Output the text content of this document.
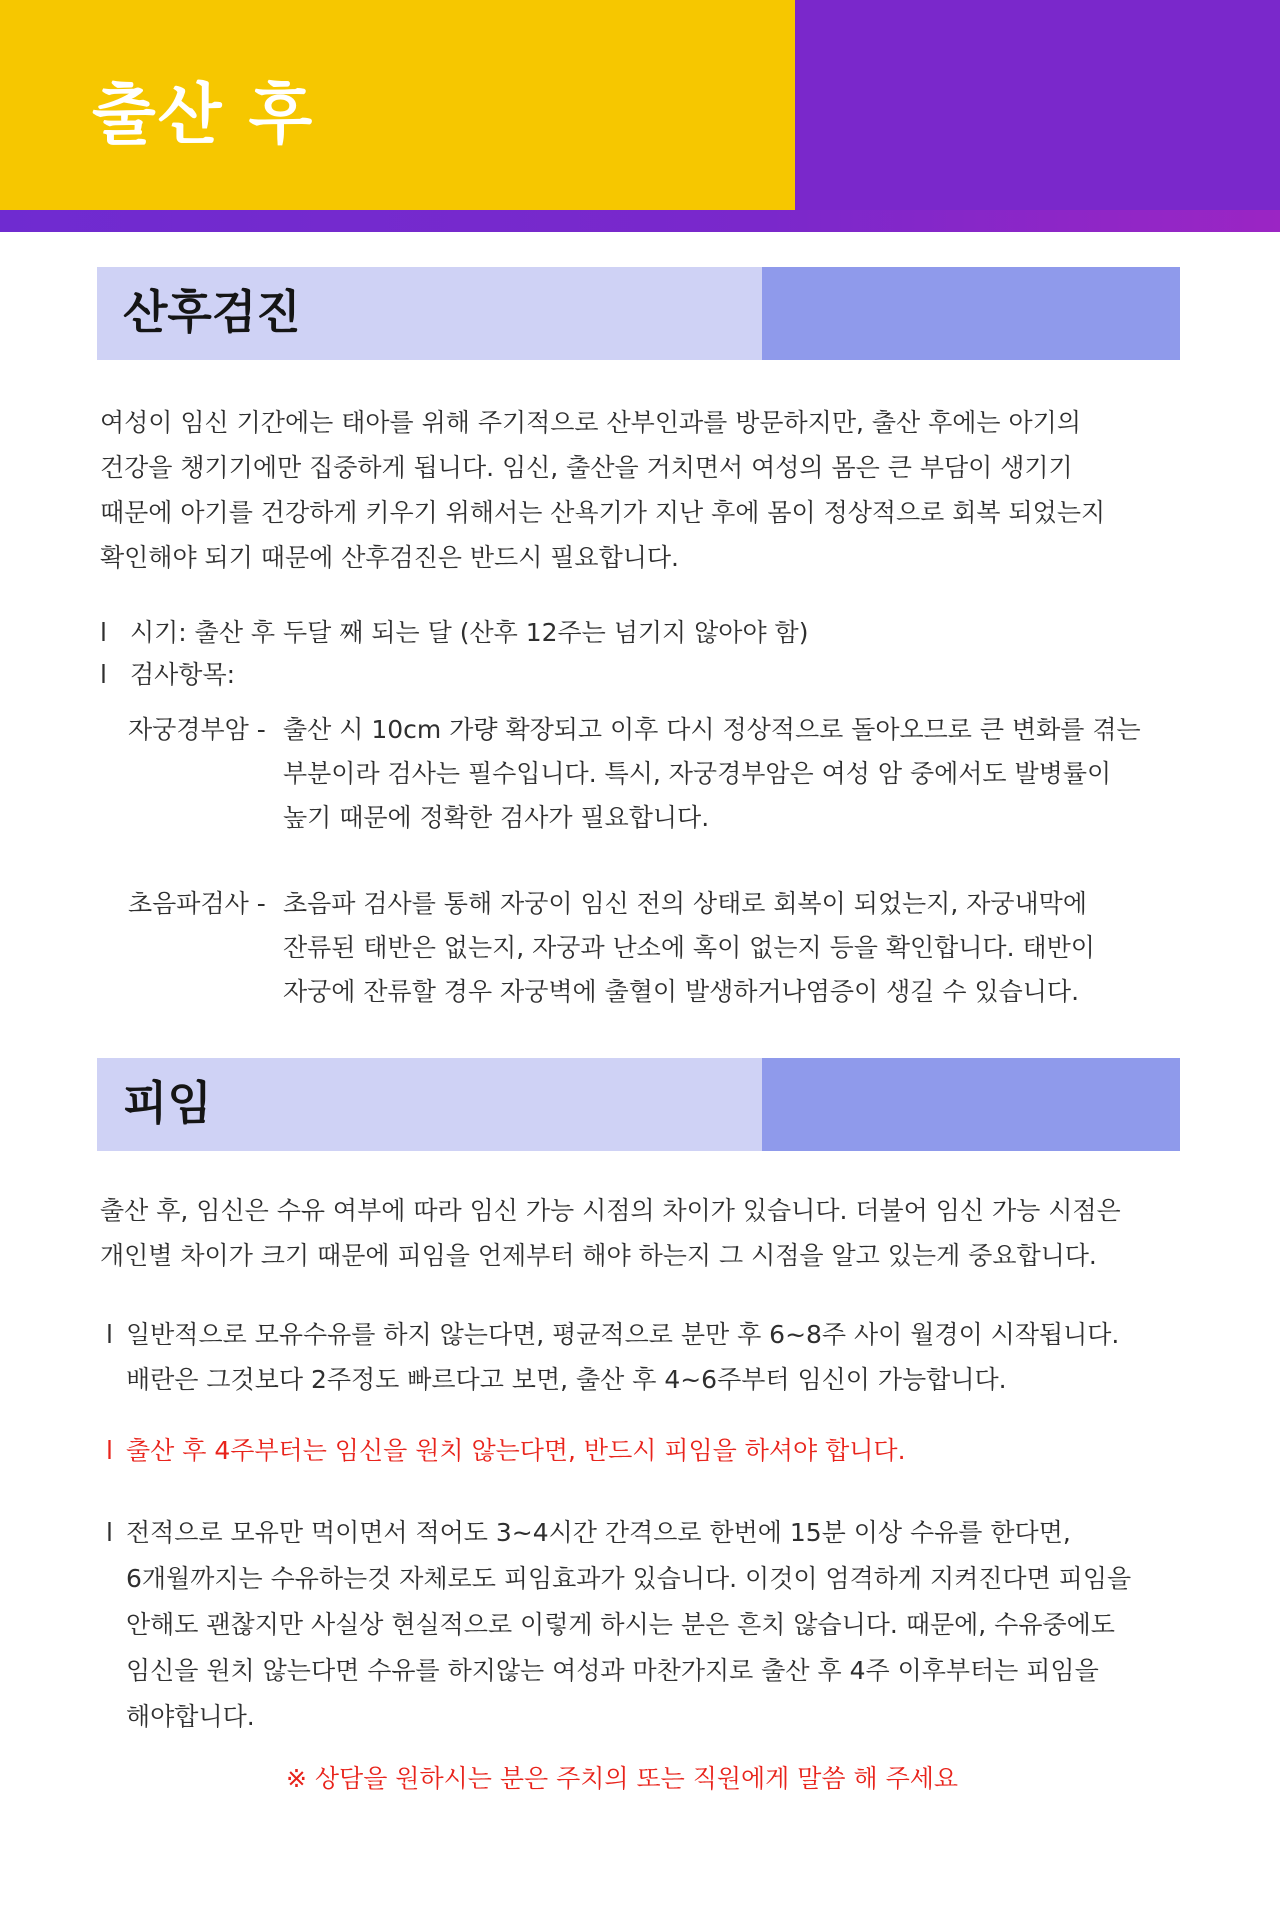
출산 후
산후검진

여성이 임신 기간에는 태아를 위해 주기적으로 산부인과를 방문하지만, 출산 후에는 아기의
건강을 챙기기에만 집중하게 됩니다. 임신, 출산을 거치면서 여성의 몸은 큰 부담이 생기기
때문에 아기를 건강하게 키우기 위해서는 산욕기가 지난 후에 몸이 정상적으로 회복 되었는지
확인해야 되기 때문에 산후검진은 반드시 필요합니다.

l 시기: 출산 후 두달 째 되는 달 (산후 12주는 넘기지 않아야 함)
l 검사항목:
자궁경부암 - 출산 시 10cm 가량 확장되고 이후 다시 정상적으로 돌아오므로 큰 변화를 겪는
부분이라 검사는 필수입니다. 특시, 자궁경부암은 여성 암 중에서도 발병률이
높기 때문에 정확한 검사가 필요합니다.
초음파검사 - 초음파 검사를 통해 자궁이 임신 전의 상태로 회복이 되었는지, 자궁내막에
잔류된 태반은 없는지, 자궁과 난소에 혹이 없는지 등을 확인합니다. 태반이
자궁에 잔류할 경우 자궁벽에 출혈이 발생하거나염증이 생길 수 있습니다.
피임

출산 후, 임신은 수유 여부에 따라 임신 가능 시점의 차이가 있습니다. 더불어 임신 가능 시점은
개인별 차이가 크기 때문에 피임을 언제부터 해야 하는지 그 시점을 알고 있는게 중요합니다.

l 일반적으로 모유수유를 하지 않는다면, 평균적으로 분만 후 6~8주 사이 월경이 시작됩니다.
배란은 그것보다 2주정도 빠르다고 보면, 출산 후 4~6주부터 임신이 가능합니다.
l 출산 후 4주부터는 임신을 원치 않는다면, 반드시 피임을 하셔야 합니다.
l 전적으로 모유만 먹이면서 적어도 3~4시간 간격으로 한번에 15분 이상 수유를 한다면,
6개월까지는 수유하는것 자체로도 피임효과가 있습니다. 이것이 엄격하게 지켜진다면 피임을
안해도 괜찮지만 사실상 현실적으로 이렇게 하시는 분은 흔치 않습니다. 때문에, 수유중에도
임신을 원치 않는다면 수유를 하지않는 여성과 마찬가지로 출산 후 4주 이후부터는 피임을
해야합니다.
※ 상담을 원하시는 분은 주치의 또는 직원에게 말씀 해 주세요
